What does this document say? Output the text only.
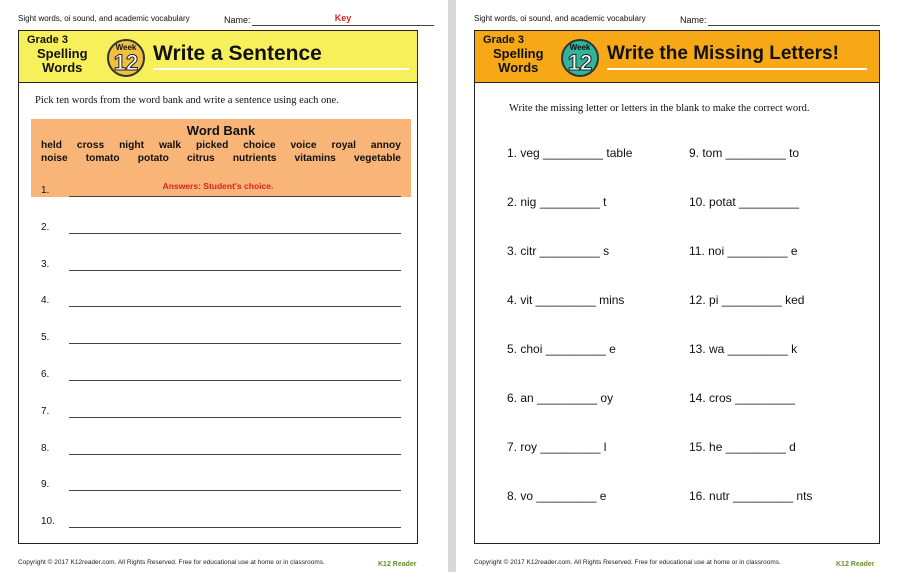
Sight words, oi sound, and academic vocabulary	Name:	Key
Grade 3
Spelling
Words
Week
12 Write a Sentence
Pick ten words from the word bank and write a sentence using each one.
Word Bank
held cross night walk picked choice voice royal annoy
noise tomato potato citrus nutrients vitamins vegetable
Answers: Student's choice.
1.
2.
3.
4.
5.
6.
7.
8.
9.
10.
Copyright © 2017 K12reader.com. All Rights Reserved. Free for educational use at home or in classrooms.	K12 Reader
Sight words, oi sound, and academic vocabulary	Name:
Grade 3
Spelling
Words
Week
12 Write the Missing Letters!
Write the missing letter or letters in the blank to make the correct word.
1. veg _________ table
2. nig _________ t
3. citr _________ s
4. vit _________ mins
5. choi _________ e
6. an _________ oy
7. roy _________ l
8. vo _________ e
9. tom _________ to
10. potat _________
11. noi _________ e
12. pi _________ ked
13. wa _________ k
14. cros _________
15. he _________ d
16. nutr _________ nts
Copyright © 2017 K12reader.com. All Rights Reserved. Free for educational use at home or in classrooms.	K12 Reader
